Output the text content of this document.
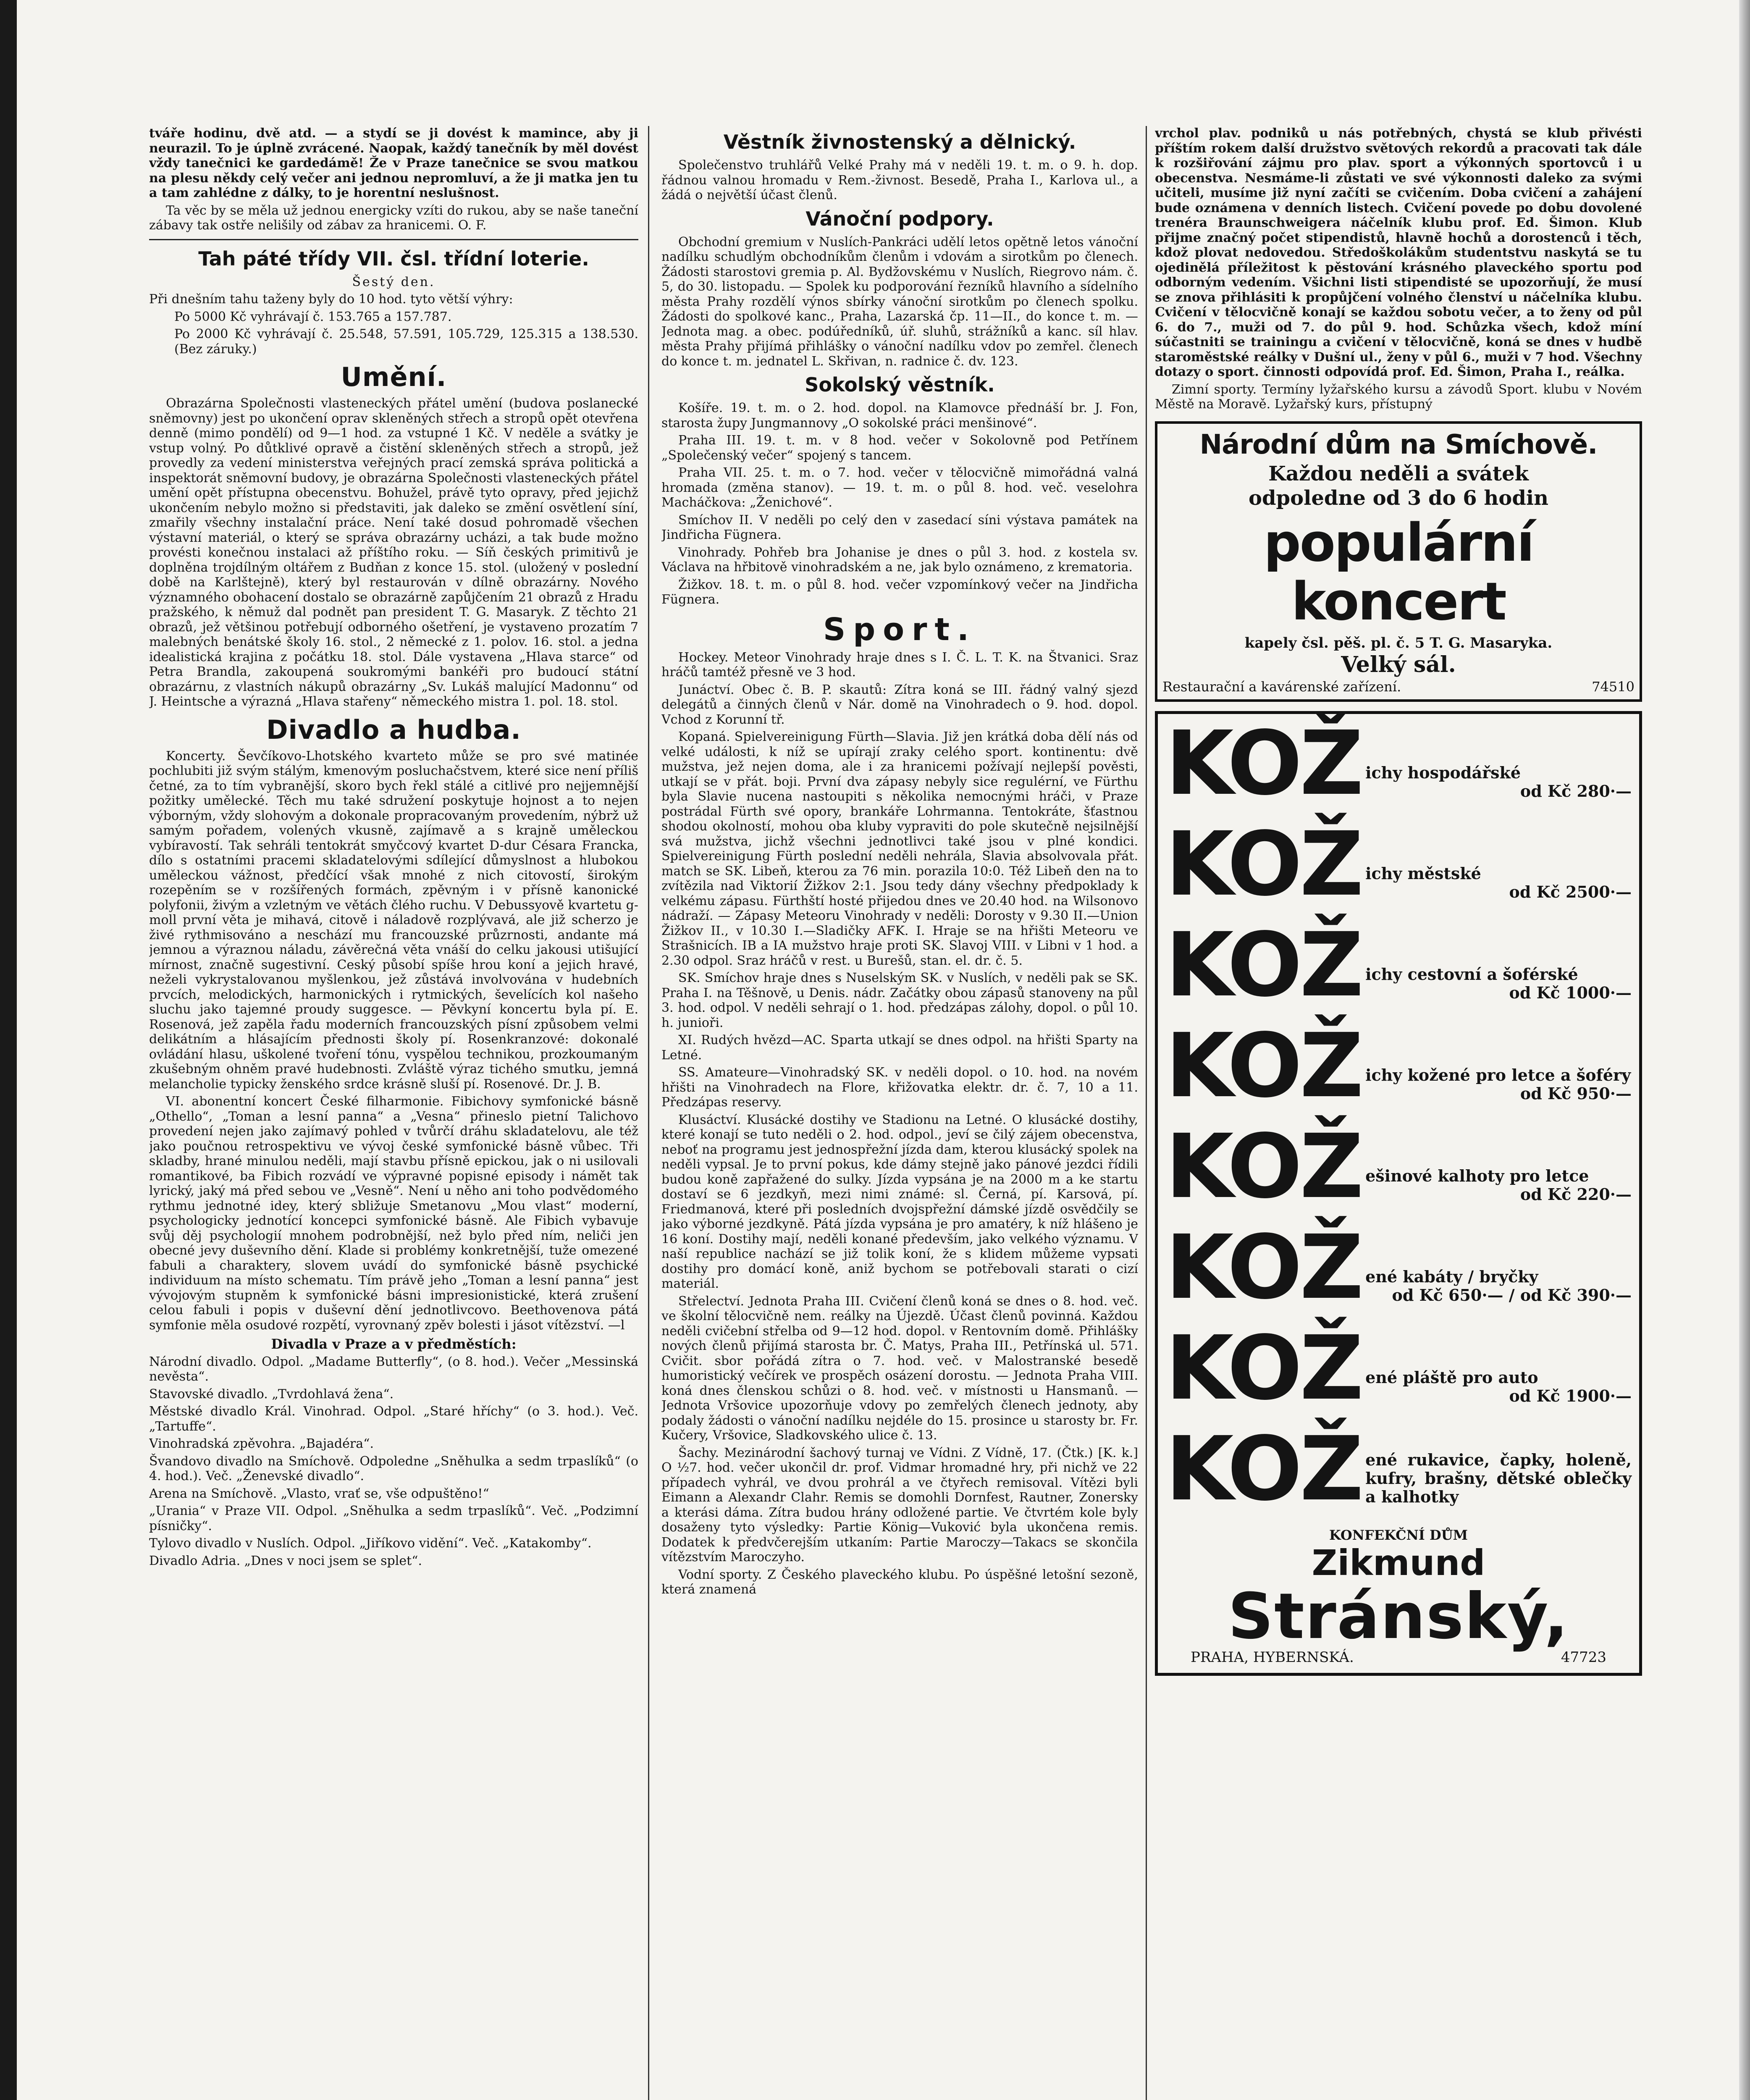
tváře hodinu, dvě atd. — a stydí se ji dovést k mamince, aby ji neurazil. To je úplně zvrácené. Naopak, každý tanečník by měl dovést vždy tanečnici ke gardedámě! Že v Praze tanečnice se svou matkou na plesu někdy celý večer ani jednou nepromluví, a že ji matka jen tu a tam zahlédne z dálky, to je horentní neslušnost.

Ta věc by se měla už jednou energicky vzíti do rukou, aby se naše taneční zábavy tak ostře nelišily od zábav za hranicemi. O. F.

Tah páté třídy VII. čsl. třídní loterie.

Šestý den.

Při dnešním tahu taženy byly do 10 hod. tyto větší výhry:

Po 5000 Kč vyhrávají č. 153.765 a 157.787.

Po 2000 Kč vyhrávají č. 25.548, 57.591, 105.729, 125.315 a 138.530. (Bez záruky.)

Umění.

Obrazárna Společnosti vlasteneckých přátel umění (budova poslanecké sněmovny) jest po ukončení oprav skleněných střech a stropů opět otevřena denně (mimo pondělí) od 9—1 hod. za vstupné 1 Kč. V neděle a svátky je vstup volný. Po důtklivé opravě a čistění skleněných střech a stropů, jež provedly za vedení ministerstva veřejných prací zemská správa politická a inspektorát sněmovní budovy, je obrazárna Společnosti vlasteneckých přátel umění opět přístupna obecenstvu. Bohužel, právě tyto opravy, před jejichž ukončením nebylo možno si představiti, jak daleko se změní osvětlení síní, zmařily všechny instalační práce. Není také dosud pohromadě všechen výstavní materiál, o který se správa obrazárny ucházi, a tak bude možno provésti konečnou instalaci až příštího roku. — Síň českých primitivů je doplněna trojdílným oltářem z Budňan z konce 15. stol. (uložený v poslední době na Karlštejně), který byl restaurován v dílně obrazárny. Nového významného obohacení dostalo se obrazárně zapůjčením 21 obrazů z Hradu pražského, k němuž dal podnět pan president T. G. Masaryk. Z těchto 21 obrazů, jež většinou potřebují odborného ošetření, je vystaveno prozatím 7 malebných benátské školy 16. stol., 2 německé z 1. polov. 16. stol. a jedna idealistická krajina z počátku 18. stol. Dále vystavena „Hlava starce“ od Petra Brandla, zakoupená soukromými bankéři pro budoucí státní obrazárnu, z vlastních nákupů obrazárny „Sv. Lukáš malující Madonnu“ od J. Heintsche a výrazná „Hlava stařeny“ německého mistra 1. pol. 18. stol.

Divadlo a hudba.

Koncerty. Ševčíkovo-Lhotského kvarteto může se pro své matinée pochlubiti již svým stálým, kmenovým posluchačstvem, které sice není příliš četné, za to tím vybranější, skoro bych řekl stálé a citlivé pro nejjemnější požitky umělecké. Těch mu také sdružení poskytuje hojnost a to nejen výborným, vždy slohovým a dokonale propracovaným provedením, nýbrž už samým pořadem, volených vkusně, zajímavě a s krajně uměleckou vybíravostí. Tak sehráli tentokrát smyčcový kvartet D-dur Césara Francka, dílo s ostatními pracemi skladatelovými sdílející důmyslnost a hlubokou uměleckou vážnost, předčící však mnohé z nich citovostí, širokým rozepěním se v rozšířených formách, zpěvným i v přísně kanonické polyfonii, živým a vzletným ve větách člého ruchu. V Debussyově kvartetu g-moll první věta je mihavá, citově i náladově rozplývavá, ale již scherzo je živé rythmisováno a neschází mu francouzské průzrnosti, andante má jemnou a výraznou náladu, závěrečná věta vnáší do celku jakousi utišující mírnost, značně sugestivní. Ceský působí spíše hrou koní a jejich hravé, neželi vykrystalovanou myšlenkou, jež zůstává involvována v hudebních prvcích, melodických, harmonických i rytmických, ševelících kol našeho sluchu jako tajemné proudy suggesce. — Pěvkyní koncertu byla pí. E. Rosenová, jež zapěla řadu moderních francouzských písní způsobem velmi delikátním a hlásajícím přednosti školy pí. Rosenkranzové: dokonalé ovládání hlasu, uškolené tvoření tónu, vyspělou technikou, prozkoumaným zkušebným ohněm pravé hudebnosti. Zvláště výraz tichého smutku, jemná melancholie typicky ženského srdce krásně sluší pí. Rosenové. Dr. J. B.

VI. abonentní koncert České filharmonie. Fibichovy symfonické básně „Othello“, „Toman a lesní panna“ a „Vesna“ přineslo pietní Talichovo provedení nejen jako zajímavý pohled v tvůrčí dráhu skladatelovu, ale též jako poučnou retrospektivu ve vývoj české symfonické básně vůbec. Tři skladby, hrané minulou neděli, mají stavbu přísně epickou, jak o ni usilovali romantikové, ba Fibich rozvádí ve výpravné popisné episody i námět tak lyrický, jaký má před sebou ve „Vesně“. Není u něho ani toho podvědomého rythmu jednotné idey, který sbližuje Smetanovu „Mou vlast“ moderní, psychologicky jednotící koncepci symfonické básně. Ale Fibich vybavuje svůj děj psychologií mnohem podrobnější, než bylo před ním, neliči jen obecné jevy duševního dění. Klade si problémy konkretnější, tuže omezené fabuli a charaktery, slovem uvádí do symfonické básně psychické individuum na místo schematu. Tím právě jeho „Toman a lesní panna“ jest vývojovým stupněm k symfonické básni impresionistické, která zrušení celou fabuli i popis v duševní dění jednotlivcovo. Beethovenova pátá symfonie měla osudové rozpětí, vyrovnaný zpěv bolesti i jásot vítězství. —l

Divadla v Praze a v předměstích:

Národní divadlo. Odpol. „Madame Butterfly“, (o 8. hod.). Večer „Messinská nevěsta“.

Stavovské divadlo. „Tvrdohlavá žena“.

Městské divadlo Král. Vinohrad. Odpol. „Staré hříchy“ (o 3. hod.). Več. „Tartuffe“.

Vinohradská zpěvohra. „Bajadéra“.

Švandovo divadlo na Smíchově. Odpoledne „Sněhulka a sedm trpaslíků“ (o 4. hod.). Več. „Ženevské divadlo“.

Arena na Smíchově. „Vlasto, vrať se, vše odpuštěno!“

„Urania“ v Praze VII. Odpol. „Sněhulka a sedm trpaslíků“. Več. „Podzimní písničky“.

Tylovo divadlo v Nuslích. Odpol. „Jiříkovo vidění“. Več. „Katakomby“.

Divadlo Adria. „Dnes v noci jsem se splet“.

Věstník živnostenský a dělnický.

Společenstvo truhlářů Velké Prahy má v neděli 19. t. m. o 9. h. dop. řádnou valnou hromadu v Rem.-živnost. Besedě, Praha I., Karlova ul., a žádá o největší účast členů.

Vánoční podpory.

Obchodní gremium v Nuslích-Pankráci udělí letos opětně letos vánoční nadílku schudlým obchodníkům členům i vdovám a sirotkům po členech. Žádosti starostovi gremia p. Al. Bydžovskému v Nuslích, Riegrovo nám. č. 5, do 30. listopadu. — Spolek ku podporování řezníků hlavního a sídelního města Prahy rozdělí výnos sbírky vánoční sirotkům po členech spolku. Žádosti do spolkové kanc., Praha, Lazarská čp. 11—II., do konce t. m. — Jednota mag. a obec. podúředníků, úř. sluhů, strážníků a kanc. síl hlav. města Prahy přijímá přihlášky o vánoční nadílku vdov po zemřel. členech do konce t. m. jednatel L. Skřivan, n. radnice č. dv. 123.

Sokolský věstník.

Košíře. 19. t. m. o 2. hod. dopol. na Klamovce přednáší br. J. Fon, starosta župy Jungmannovy „O sokolské práci menšinové“.

Praha III. 19. t. m. v 8 hod. večer v Sokolovně pod Petřínem „Společenský večer“ spojený s tancem.

Praha VII. 25. t. m. o 7. hod. večer v tělocvičně mimořádná valná hromada (změna stanov). — 19. t. m. o půl 8. hod. več. veselohra Macháčkova: „Ženichové“.

Smíchov II. V neděli po celý den v zasedací síni výstava památek na Jindřicha Fügnera.

Vinohrady. Pohřeb bra Johanise je dnes o půl 3. hod. z kostela sv. Václava na hřbitově vinohradském a ne, jak bylo oznámeno, z krematoria.

Žižkov. 18. t. m. o půl 8. hod. večer vzpomínkový večer na Jindřicha Fügnera.

Sport.

Hockey. Meteor Vinohrady hraje dnes s I. Č. L. T. K. na Štvanici. Sraz hráčů tamtéž přesně ve 3 hod.

Junáctví. Obec č. B. P. skautů: Zítra koná se III. řádný valný sjezd delegátů a činných členů v Nár. domě na Vinohradech o 9. hod. dopol. Vchod z Korunní tř.

Kopaná. Spielvereinigung Fürth—Slavia. Již jen krátká doba dělí nás od velké události, k níž se upírají zraky celého sport. kontinentu: dvě mužstva, jež nejen doma, ale i za hranicemi požívají nejlepší pověsti, utkají se v přát. boji. První dva zápasy nebyly sice regulérní, ve Fürthu byla Slavie nucena nastoupiti s několika nemocnými hráči, v Praze postrádal Fürth své opory, brankáře Lohrmanna. Tentokráte, šťastnou shodou okolností, mohou oba kluby vypraviti do pole skutečně nejsilnější svá mužstva, jichž všechni jednotlivci také jsou v plné kondici. Spielvereinigung Fürth poslední neděli nehrála, Slavia absolvovala přát. match se SK. Libeň, kterou za 76 min. porazila 10:0. Též Libeň den na to zvítězila nad Viktorií Žižkov 2:1. Jsou tedy dány všechny předpoklady k velkému zápasu. Fürthští hosté přijedou dnes ve 20.40 hod. na Wilsonovo nádraží. — Zápasy Meteoru Vinohrady v neděli: Dorosty v 9.30 II.—Union Žižkov II., v 10.30 I.—Sladičky AFK. I. Hraje se na hřišti Meteoru ve Strašnicích. IB a IA mužstvo hraje proti SK. Slavoj VIII. v Libni v 1 hod. a 2.30 odpol. Sraz hráčů v rest. u Burešů, stan. el. dr. č. 5.

SK. Smíchov hraje dnes s Nuselským SK. v Nuslích, v neděli pak se SK. Praha I. na Těšnově, u Denis. nádr. Začátky obou zápasů stanoveny na půl 3. hod. odpol. V neděli sehrají o 1. hod. předzápas zálohy, dopol. o půl 10. h. junioři.

XI. Rudých hvězd—AC. Sparta utkají se dnes odpol. na hřišti Sparty na Letné.

SS. Amateure—Vinohradský SK. v neděli dopol. o 10. hod. na novém hřišti na Vinohradech na Flore, křižovatka elektr. dr. č. 7, 10 a 11. Předzápas reservy.

Klusáctví. Klusácké dostihy ve Stadionu na Letné. O klusácké dostihy, které konají se tuto neděli o 2. hod. odpol., jeví se čilý zájem obecenstva, neboť na programu jest jednospřežní jízda dam, kterou klusácký spolek na neděli vypsal. Je to první pokus, kde dámy stejně jako pánové jezdci řídili budou koně zapřažené do sulky. Jízda vypsána je na 2000 m a ke startu dostaví se 6 jezdkyň, mezi nimi známé: sl. Černá, pí. Karsová, pí. Friedmanová, které při posledních dvojspřežní dámské jízdě osvědčily se jako výborné jezdkyně. Pátá jízda vypsána je pro amatéry, k níž hlášeno je 16 koní. Dostihy mají, neděli konané především, jako velkého významu. V naší republice nachází se již tolik koní, že s klidem můžeme vypsati dostihy pro domácí koně, aniž bychom se potřebovali starati o cizí materiál.

Střelectví. Jednota Praha III. Cvičení členů koná se dnes o 8. hod. več. ve školní tělocvičně nem. reálky na Újezdě. Účast členů povinná. Každou neděli cvičební střelba od 9—12 hod. dopol. v Rentovním domě. Přihlášky nových členů přijímá starosta br. Č. Matys, Praha III., Petřínská ul. 571. Cvičit. sbor pořádá zítra o 7. hod. več. v Malostranské besedě humoristický večírek ve prospěch osázení dorostu. — Jednota Praha VIII. koná dnes členskou schůzi o 8. hod. več. v místnosti u Hansmanů. — Jednota Vršovice upozorňuje vdovy po zemřelých členech jednoty, aby podaly žádosti o vánoční nadílku nejdéle do 15. prosince u starosty br. Fr. Kučery, Vršovice, Sladkovského ulice č. 13.

Šachy. Mezinárodní šachový turnaj ve Vídni. Z Vídně, 17. (Čtk.) [K. k.] O ½7. hod. večer ukončil dr. prof. Vidmar hromadné hry, při nichž ve 22 případech vyhrál, ve dvou prohrál a ve čtyřech remisoval. Vítězi byli Eimann a Alexandr Clahr. Remis se domohli Dornfest, Rautner, Zonersky a kterási dáma. Zítra budou hrány odložené partie. Ve čtvrtém kole byly dosaženy tyto výsledky: Partie König—Vuković byla ukončena remis. Dodatek k předvčerejším utkaním: Partie Maroczy—Takacs se skončila vítězstvím Maroczyho.

Vodní sporty. Z Českého plaveckého klubu. Po úspěšné letošní sezoně, která znamená

vrchol plav. podniků u nás potřebných, chystá se klub přivésti příštím rokem další družstvo světových rekordů a pracovati tak dále k rozšiřování zájmu pro plav. sport a výkonných sportovců i u obecenstva. Nesmáme-li zůstati ve své výkonnosti daleko za svými učiteli, musíme již nyní začíti se cvičením. Doba cvičení a zahájení bude oznámena v denních listech. Cvičení povede po dobu dovolené trenéra Braunschweigera náčelník klubu prof. Ed. Šimon. Klub přijme značný počet stipendistů, hlavně hochů a dorostenců i těch, kdož plovat nedovedou. Středoškolákům studentstvu naskytá se tu ojedinělá příležitost k pěstování krásného plaveckého sportu pod odborným vedením. Všichni listi stipendisté se upozorňují, že musí se znova přihlásiti k propůjčení volného členství u náčelníka klubu. Cvičení v tělocvičně konají se každou sobotu večer, a to ženy od půl 6. do 7., muži od 7. do půl 9. hod. Schůzka všech, kdož míní súčastniti se trainingu a cvičení v tělocvičně, koná se dnes v hudbě staroměstské reálky v Dušní ul., ženy v půl 6., muži v 7 hod. Všechny dotazy o sport. činnosti odpovídá prof. Ed. Šimon, Praha I., reálka.

Zimní sporty. Termíny lyžařského kursu a závodů Sport. klubu v Novém Městě na Moravě. Lyžařský kurs, přístupný

Národní dům na Smíchově.
Každou neděli a svátek
odpoledne od 3 do 6 hodin
populární koncert
kapely čsl. pěš. pl. č. 5 T. G. Masaryka.
Velký sál.
Restaurační a kavárenské zařízení.	74510
KOŽ ichy hospodářské
od Kč 280·—
KOŽ ichy městské
od Kč 2500·—
KOŽ ichy cestovní a šoférské
od Kč 1000·—
KOŽ ichy kožené pro letce a šoféry
od Kč 950·—
KOŽ ešinové kalhoty pro letce
od Kč 220·—
KOŽ ené kabáty / bryčky
od Kč 650·— / od Kč 390·—
KOŽ ené pláště pro auto
od Kč 1900·—
KOŽ ené rukavice, čapky, holeně, kufry, brašny, dětské oblečky a kalhotky
KONFEKČNÍ DŮM
Zikmund
Stránský,
PRAHA, HYBERNSKÁ.	47723
